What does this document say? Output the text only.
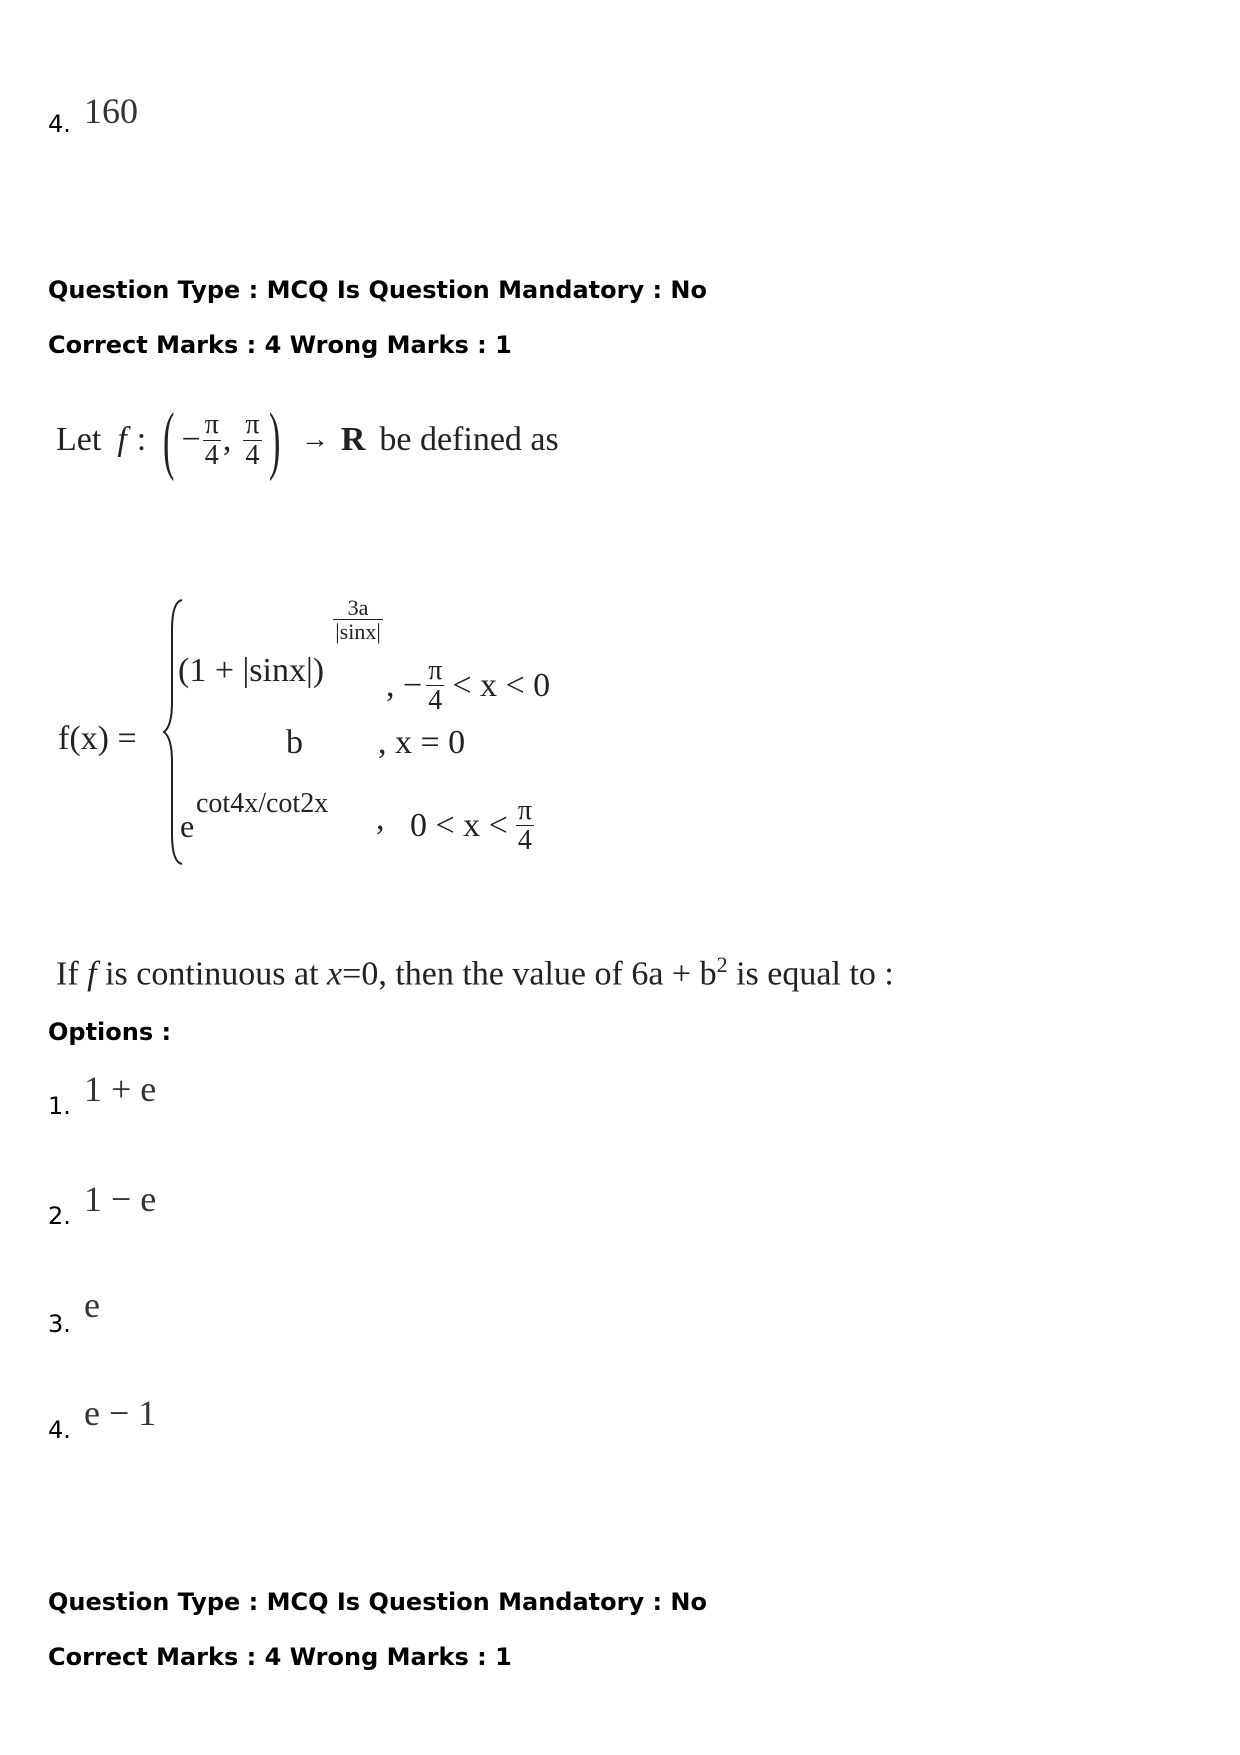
4. 160
Question Type : MCQ Is Question Mandatory : No
Correct Marks : 4 Wrong Marks : 1
Let f : ( − $\frac{\pi}{4}$ , $\frac{\pi}{4}$ ) → R be defined as
f(x) =
(1 + |sinx|)
$\frac{3a}{|\sin x|}$
, − $\frac{\pi}{4} < x < 0$
b , x = 0
e
cot4x/cot2x , $0 < x < \frac{\pi}{4}$
If f is continuous at x=0, then the value of $6a + b^2$ is equal to :
Options :
1. 1 + e
2. 1 − e
3. e
4. e − 1
Question Type : MCQ Is Question Mandatory : No
Correct Marks : 4 Wrong Marks : 1
